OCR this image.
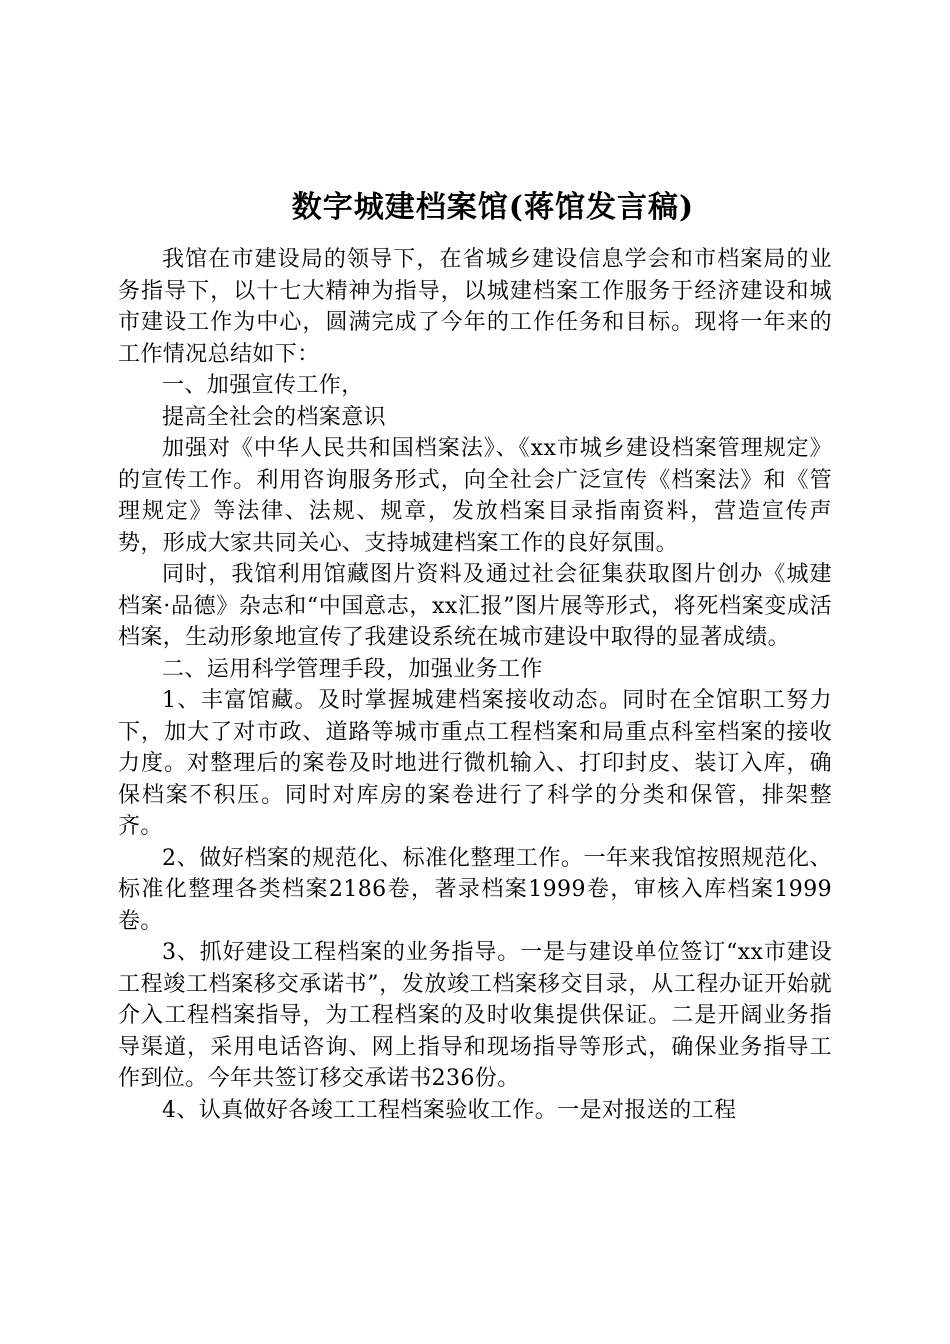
数字城建档案馆(蒋馆发言稿)

我馆在市建设局的领导下，在省城乡建设信息学会和市档案局的业务指导下，以十七大精神为指导，以城建档案工作服务于经济建设和城市建设工作为中心，圆满完成了今年的工作任务和目标。现将一年来的工作情况总结如下：

一、加强宣传工作，

提高全社会的档案意识

加强对《中华人民共和国档案法》、《xx市城乡建设档案管理规定》的宣传工作。利用咨询服务形式，向全社会广泛宣传《档案法》和《管理规定》等法律、法规、规章，发放档案目录指南资料，营造宣传声势，形成大家共同关心、支持城建档案工作的良好氛围。

同时，我馆利用馆藏图片资料及通过社会征集获取图片创办《城建档案·品德》杂志和“中国意志，xx汇报”图片展等形式，将死档案变成活档案，生动形象地宣传了我建设系统在城市建设中取得的显著成绩。

二、运用科学管理手段，加强业务工作

1、丰富馆藏。及时掌握城建档案接收动态。同时在全馆职工努力下，加大了对市政、道路等城市重点工程档案和局重点科室档案的接收力度。对整理后的案卷及时地进行微机输入、打印封皮、装订入库，确保档案不积压。同时对库房的案卷进行了科学的分类和保管，排架整齐。

2、做好档案的规范化、标准化整理工作。一年来我馆按照规范化、标准化整理各类档案2186卷，著录档案1999卷，审核入库档案1999卷。

3、抓好建设工程档案的业务指导。一是与建设单位签订“xx市建设工程竣工档案移交承诺书”，发放竣工档案移交目录，从工程办证开始就介入工程档案指导，为工程档案的及时收集提供保证。二是开阔业务指导渠道，采用电话咨询、网上指导和现场指导等形式，确保业务指导工作到位。今年共签订移交承诺书236份。

4、认真做好各竣工工程档案验收工作。一是对报送的工程
